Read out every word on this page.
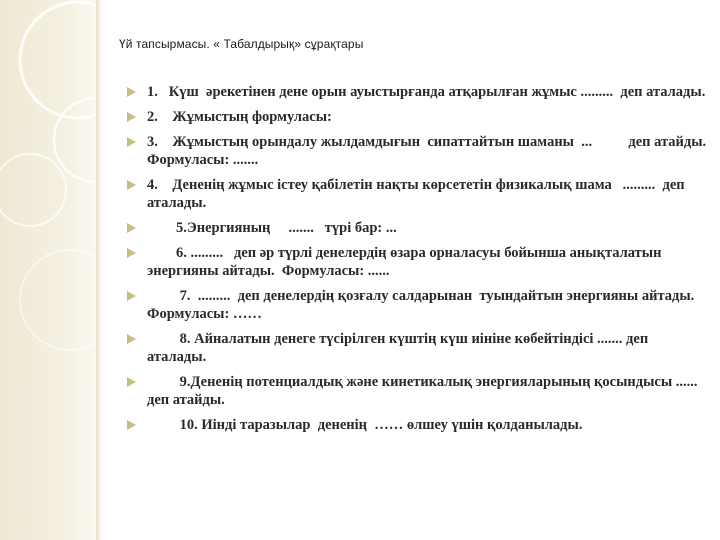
Үй тапсырмасы. « Табалдырық» сұрақтары
1.   Күш  әрекетінен дене орын ауыстырғанда атқарылған жұмыс .........  деп аталады.
2.    Жұмыстың формуласы:
3.    Жұмыстың орындалу жылдамдығын  сипаттайтын шаманы  ...          деп атайды.  Формуласы: .......
4.    Дененің жұмыс істеу қабілетін нақты көрсететін физикалық шама   .........  деп аталады.
5.Энергияның     .......   түрі бар: ...
6. .........   деп әр түрлі денелердің өзара орналасуы бойынша анықталатын энергияны айтады.  Формуласы: ......
7.  .........  деп денелердің қозғалу салдарынан  туындайтын энергияны айтады. Формуласы: ……
8. Айналатын денеге түсірілген күштің күш иініне көбейтіндісі ....... деп аталады.
9.Дененің потенциалдық және кинетикалық энергияларының қосындысы ...... деп атайды.
10. Иінді таразылар  дененің  …… өлшеу үшін қолданылады.
